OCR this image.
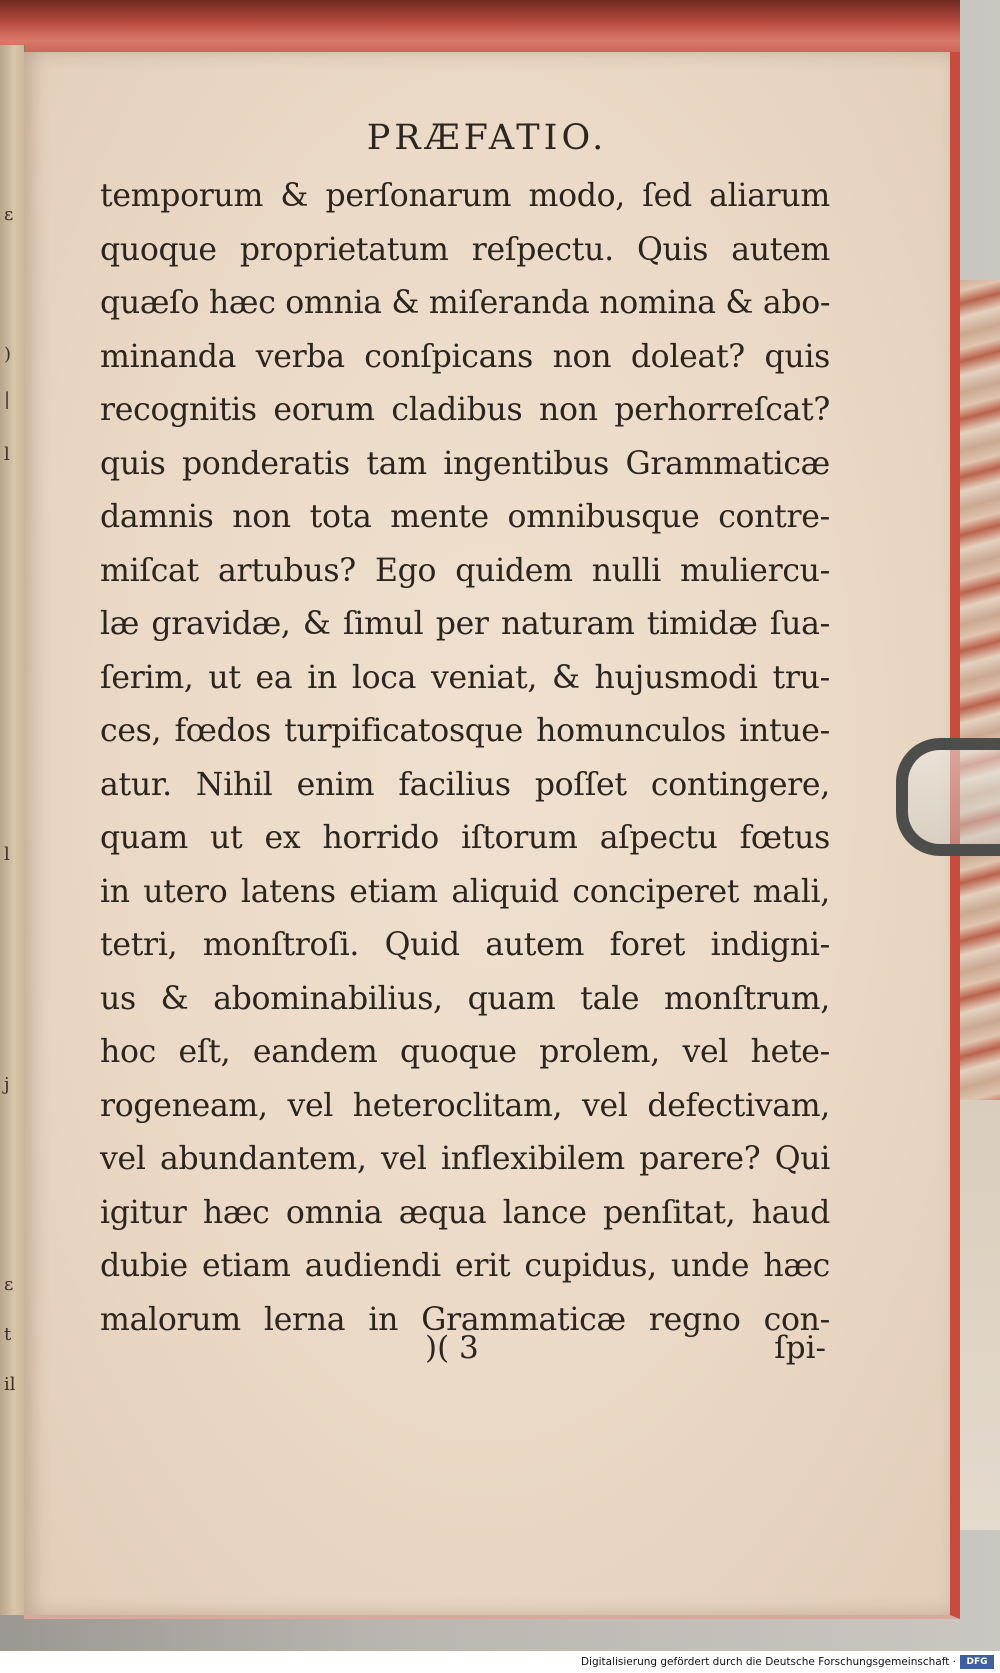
ε
)
|
l
l
j
ε
t
il
PRÆFATIO.
temporum & perſonarum modo, ſed aliarum
quoque proprietatum reſpectu. Quis autem
quæſo hæc omnia & miſeranda nomina & abo-
minanda verba conſpicans non doleat? quis
recognitis eorum cladibus non perhorreſcat?
quis ponderatis tam ingentibus Grammaticæ
damnis non tota mente omnibusque contre-
miſcat artubus? Ego quidem nulli muliercu-
læ gravidæ, & ſimul per naturam timidæ ſua-
ſerim, ut ea in loca veniat, & hujusmodi tru-
ces, fœdos turpificatosque homunculos intue-
atur. Nihil enim facilius poſſet contingere,
quam ut ex horrido iſtorum aſpectu fœtus
in utero latens etiam aliquid conciperet mali,
tetri, monſtroſi. Quid autem foret indigni-
us & abominabilius, quam tale monſtrum,
hoc eſt, eandem quoque prolem, vel hete-
rogeneam, vel heteroclitam, vel defectivam,
vel abundantem, vel inflexibilem parere? Qui
igitur hæc omnia æqua lance penſitat, haud
dubie etiam audiendi erit cupidus, unde hæc
malorum lerna in Grammaticæ regno con-
)( 3	ſpi-
Digitalisierung gefördert durch die Deutsche Forschungsgemeinschaft ·	DFG
